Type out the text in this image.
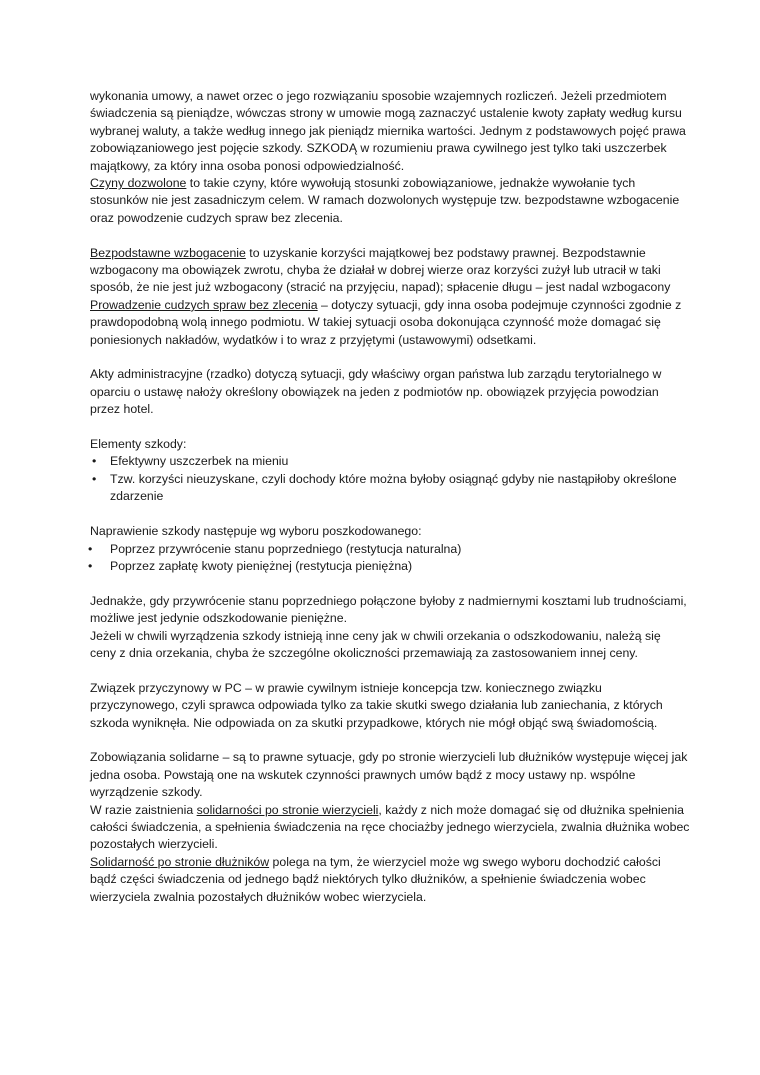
wykonania umowy, a nawet orzec o jego rozwiązaniu sposobie wzajemnych rozliczeń. Jeżeli przedmiotem świadczenia są pieniądze, wówczas strony w umowie mogą zaznaczyć ustalenie kwoty zapłaty według kursu wybranej waluty, a także według innego jak pieniądz miernika wartości. Jednym z podstawowych pojęć prawa zobowiązaniowego jest pojęcie szkody. SZKODĄ w rozumieniu prawa cywilnego jest tylko taki uszczerbek majątkowy, za który inna osoba ponosi odpowiedzialność.

Czyny dozwolone to takie czyny, które wywołują stosunki zobowiązaniowe, jednakże wywołanie tych stosunków nie jest zasadniczym celem. W ramach dozwolonych występuje tzw. bezpodstawne wzbogacenie oraz powodzenie cudzych spraw bez zlecenia.

Bezpodstawne wzbogacenie to uzyskanie korzyści majątkowej bez podstawy prawnej. Bezpodstawnie wzbogacony ma obowiązek zwrotu, chyba że działał w dobrej wierze oraz korzyści zużył lub utracił w taki sposób, że nie jest już wzbogacony (stracić na przyjęciu, napad); spłacenie długu – jest nadal wzbogacony

Prowadzenie cudzych spraw bez zlecenia – dotyczy sytuacji, gdy inna osoba podejmuje czynności zgodnie z prawdopodobną wolą innego podmiotu. W takiej sytuacji osoba dokonująca czynność może domagać się poniesionych nakładów, wydatków i to wraz z przyjętymi (ustawowymi) odsetkami.

Akty administracyjne (rzadko) dotyczą sytuacji, gdy właściwy organ państwa lub zarządu terytorialnego w oparciu o ustawę nałoży określony obowiązek na jeden z podmiotów np. obowiązek przyjęcia powodzian przez hotel.

Elementy szkody:

• Efektywny uszczerbek na mieniu
• Tzw. korzyści nieuzyskane, czyli dochody które można byłoby osiągnąć gdyby nie nastąpiłoby określone zdarzenie

Naprawienie szkody następuje wg wyboru poszkodowanego:

• Poprzez przywrócenie stanu poprzedniego (restytucja naturalna)
• Poprzez zapłatę kwoty pieniężnej (restytucja pieniężna)

Jednakże, gdy przywrócenie stanu poprzedniego połączone byłoby z nadmiernymi kosztami lub trudnościami, możliwe jest jedynie odszkodowanie pieniężne.

Jeżeli w chwili wyrządzenia szkody istnieją inne ceny jak w chwili orzekania o odszkodowaniu, należą się ceny z dnia orzekania, chyba że szczególne okoliczności przemawiają za zastosowaniem innej ceny.

Związek przyczynowy w PC – w prawie cywilnym istnieje koncepcja tzw. koniecznego związku przyczynowego, czyli sprawca odpowiada tylko za takie skutki swego działania lub zaniechania, z których szkoda wyniknęła. Nie odpowiada on za skutki przypadkowe, których nie mógł objąć swą świadomością.

Zobowiązania solidarne – są to prawne sytuacje, gdy po stronie wierzycieli lub dłużników występuje więcej jak jedna osoba. Powstają one na wskutek czynności prawnych umów bądź z mocy ustawy np. wspólne wyrządzenie szkody.

W razie zaistnienia solidarności po stronie wierzycieli, każdy z nich może domagać się od dłużnika spełnienia całości świadczenia, a spełnienia świadczenia na ręce chociażby jednego wierzyciela, zwalnia dłużnika wobec pozostałych wierzycieli.

Solidarność po stronie dłużników polega na tym, że wierzyciel może wg swego wyboru dochodzić całości bądź części świadczenia od jednego bądź niektórych tylko dłużników, a spełnienie świadczenia wobec wierzyciela zwalnia pozostałych dłużników wobec wierzyciela.
